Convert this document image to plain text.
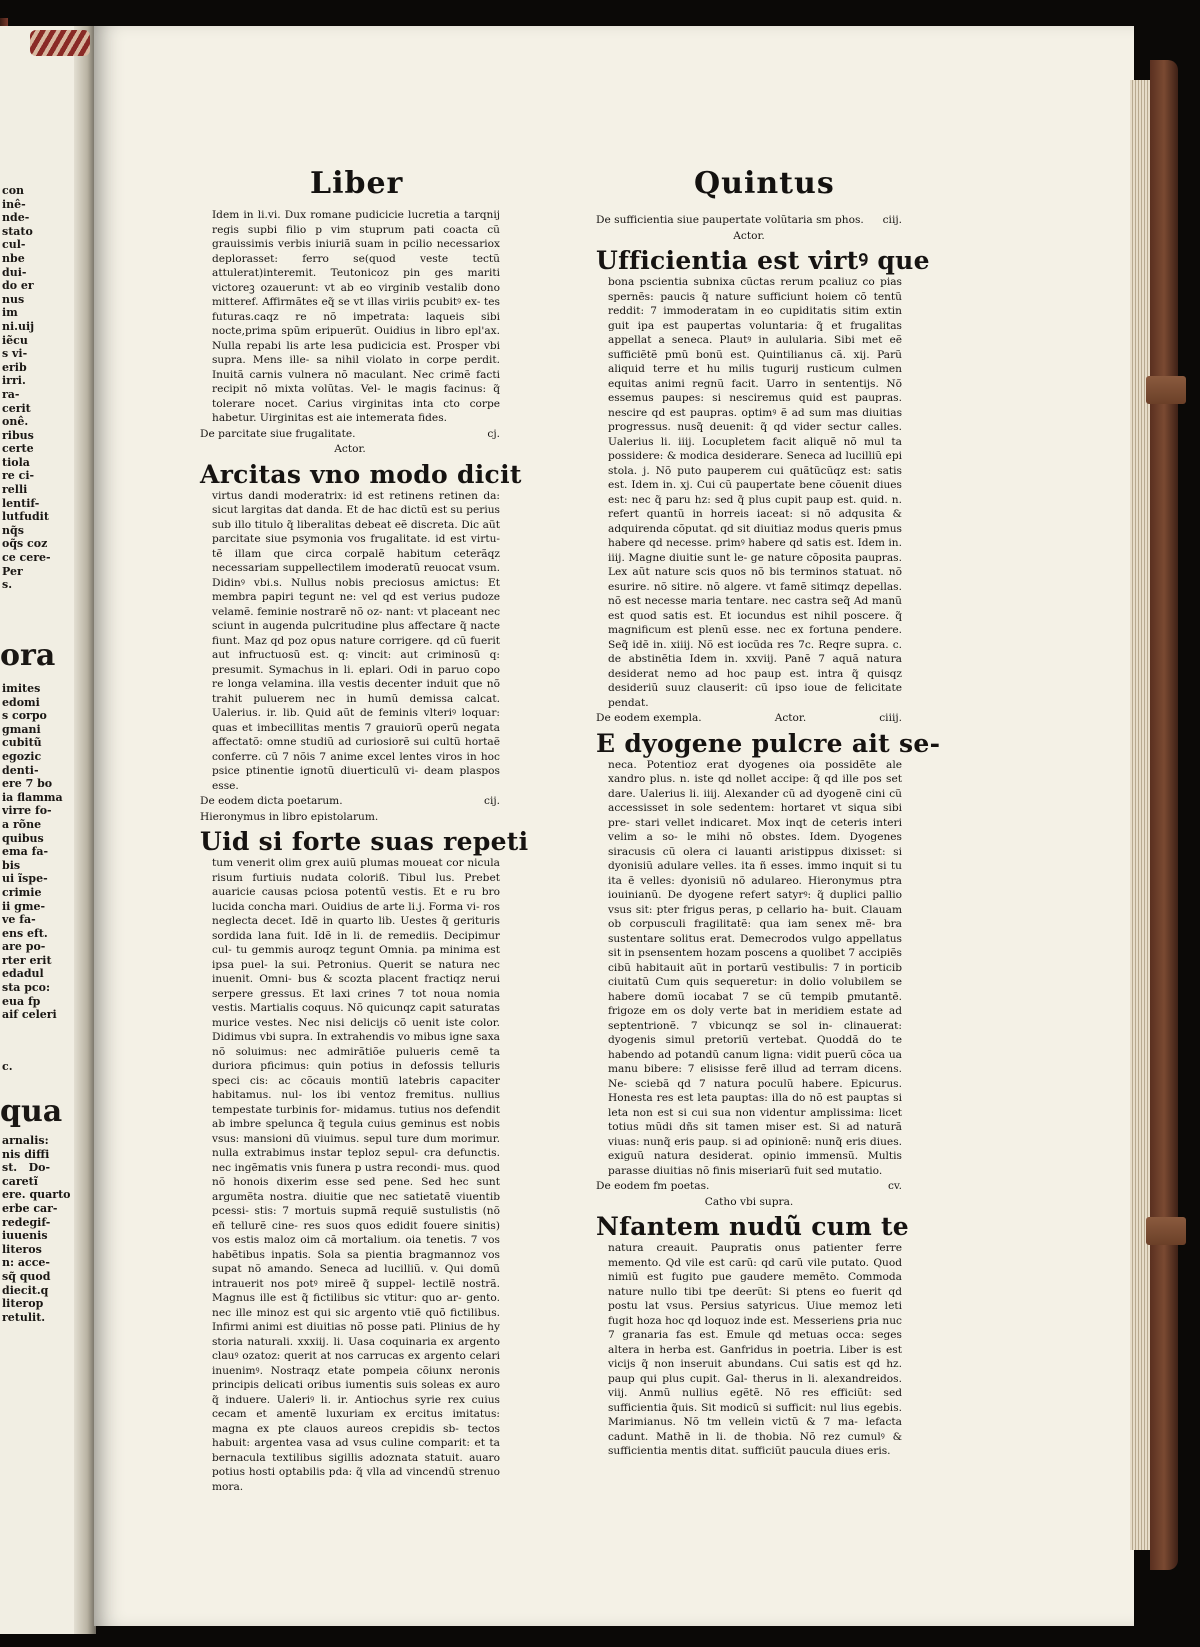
con
inê-
nde-
stato
cul-
nbe
dui-
do er
nus
im
ni.uij
iẽcu
s vi-
erib
irri.
ra-
cerit
onê.
ribus
certe
tiola
re ci-
relli
lentif-
lutfudit
nq̃s
oq̃s coz
ce cere-
Per
s.
ora
imites
edomi
s corpo
gmani
cubitũ
egozic
denti-
ere 7 bo
ia flamma
virre fo-
a rõne
quibus
ema fa-
bis
ui ĩspe-
crimie
ii gme-
ve fa-
ens eft.
are po-
rter erit
edadul
sta pco:
eua fp
aif celeri
c.
qua
arnalis:
nis diffi
st.   Do-
caretĩ
ere. quarto
erbe car-
redegif-
iuuenis
literos
n: acce-
sq̃ quod
diecit.q
literop
retulit.
Liber	Quintus

Idem in li.vi. Dux romane pudicicie lucretia a tarqnij regis supbi filio p vim stuprum pati coacta cũ grauissimis verbis iniuriã suam in pcilio necessariox deplorasset: ferro se(quod veste tectũ attulerat)interemit. Teutonicoz pin ges mariti victoreꝫ ozauerunt: vt ab eo virginib vestalib dono mitteref. Affirmãtes eq̃ se vt illas viriis pcubitꝰ ex- tes futuras.caqz re nõ impetrata: laqueis sibi nocte,prima spũm eripuerũt. Ouidius in libro epl'ax. Nulla repabi lis arte lesa pudicicia est. Prosper vbi supra. Mens ille- sa nihil violato in corpe perdit. Inuitã carnis vulnera nõ maculant. Nec crimẽ facti recipit nõ mixta volũtas. Vel- le magis facinus: q̃ tolerare nocet. Carius virginitas inta cto corpe habetur. Uirginitas est aie intemerata fides.

De parcitate siue frugalitate.	cj.

Actor.

Arcitas vno modo dicit

virtus dandi moderatrix: id est retinens retinen da: sicut largitas dat danda. Et de hac dictũ est su perius sub illo titulo q̃ liberalitas debeat eẽ discreta. Dic aũt parcitate siue psymonia vos frugalitate. id est virtu- tẽ illam que circa corpalẽ habitum ceterãqz necessariam suppellectilem imoderatũ reuocat vsum. Didinꝰ vbi.s. Nullus nobis preciosus amictus: Et membra papiri tegunt ne: vel qd est verius pudoze velamẽ. feminie nostrarẽ nõ oz- nant: vt placeant nec sciunt in augenda pulcritudine plus affectare q̃ nacte fiunt. Maz qd poz opus nature corrigere. qd cũ fuerit aut infructuosũ est. q: vincit: aut criminosũ q: presumit. Symachus in li. eplari. Odi in paruo copo re longa velamina. illa vestis decenter induit que nõ trahit puluerem nec in humũ demissa calcat. Ualerius. ir. lib. Quid aũt de feminis vlteriꝰ loquar: quas et imbecillitas mentis 7 grauiorũ operũ negata affectatõ: omne studiũ ad curiosiorẽ sui cultũ hortaẽ conferre. cũ 7 nõis 7 anime excel lentes viros in hoc psice ptinentie ignotũ diuerticulũ vi- deam plaspos esse.

De eodem dicta poetarum.	cij.

Hieronymus in libro epistolarum.

Uid si forte suas repeti

tum venerit olim grex auiũ plumas moueat cor nicula risum furtiuis nudata coloriß. Tibul lus. Prebet auaricie causas pciosa potentũ vestis. Et e ru bro lucida concha mari. Ouidius de arte li.j. Forma vi- ros neglecta decet. Idẽ in quarto lib. Uestes q̃ gerituris sordida lana fuit. Idẽ in li. de remediis. Decipimur cul- tu gemmis auroqz tegunt Omnia. pa minima est ipsa puel- la sui. Petronius. Querit se natura nec inuenit. Omni- bus & scozta placent fractiqz nerui serpere gressus. Et laxi crines 7 tot noua nomia vestis. Martialis coquus. Nõ quicunqz capit saturatas murice vestes. Nec nisi delicijs cõ uenit iste color. Didimus vbi supra. In extrahendis vo mibus igne saxa nõ soluimus: nec admirãtiõe pulueris cemẽ ta duriora pficimus: quin potius in defossis telluris speci cis: ac cõcauis montiũ latebris capaciter habitamus. nul- los ibi ventoz fremitus. nullius tempestate turbinis for- midamus. tutius nos defendit ab imbre spelunca q̃ tegula cuius geminus est nobis vsus: mansioni dũ viuimus. sepul ture dum morimur. nulla extrabimus instar teploz sepul- cra defunctis. nec ingẽmatis vnis funera p ustra recondi- mus. quod nõ honois dixerim esse sed pene. Sed hec sunt argumẽta nostra. diuitie que nec satietatẽ viuentib pcessi- stis: 7 mortuis supmã requiẽ sustulistis (nõ eñ tellurẽ cine- res suos quos edidit fouere sinitis) vos estis maloz oim cã mortalium. oia tenetis. 7 vos habẽtibus inpatis. Sola sa pientia bragmannoz vos supat nõ amando. Seneca ad lucilliũ. v. Qui domũ intrauerit nos potꝰ mireẽ q̃ suppel- lectilẽ nostrã. Magnus ille est q̃ fictilibus sic vtitur: quo ar- gento. nec ille minoz est qui sic argento vtiẽ quõ fictilibus. Infirmi animi est diuitias nõ posse pati. Plinius de hy storia naturali. xxxiij. li. Uasa coquinaria ex argento clauꝰ ozatoz: querit at nos carrucas ex argento celari inuenimꝰ. Nostraqz etate pompeia cõiunx neronis principis delicati oribus iumentis suis soleas ex auro q̃ induere. Ualeriꝰ li. ir. Antiochus syrie rex cuius cecam et amentẽ luxuriam ex ercitus imitatus: magna ex pte clauos aureos crepidis sb- tectos habuit: argentea vasa ad vsus culine comparit: et ta bernacula textilibus sigillis adoznata statuit. auaro potius hosti optabilis pda: q̃ vlla ad vincendũ strenuo mora.

De sufficientia siue paupertate volũtaria sm phos. ciij.

Actor.

Ufficientia est virtꝰ que

bona pscientia subnixa cũctas rerum pcaliuz co pias spernẽs: paucis q̃ nature sufficiunt hoiem cõ tentũ reddit: 7 immoderatam in eo cupiditatis sitim extin guit ipa est paupertas voluntaria: q̃ et frugalitas appellat a seneca. Plautꝰ in aulularia. Sibi met eẽ sufficiẽtẽ pmũ bonũ est. Quintilianus cã. xij. Parũ aliquid terre et hu milis tugurij rusticum culmen equitas animi regnũ facit. Uarro in sententijs. Nõ essemus paupes: si nesciremus quid est paupras. nescire qd est paupras. optimꝰ ẽ ad sum mas diuitias progressus. nusq̃ deuenit: q̃ qd vider sectur calles. Ualerius li. iiij. Locupletem facit aliquẽ nõ mul ta possidere: & modica desiderare. Seneca ad lucilliũ epi stola. j. Nõ puto pauperem cui quãtũcũqz est: satis est. Idem in. xj. Cui cũ paupertate bene cõuenit diues est: nec q̃ paru hz: sed q̃ plus cupit paup est. quid. n. refert quantũ in horreis iaceat: si nõ adqusita & adquirenda cõputat. qd sit diuitiaz modus queris pmus habere qd necesse. primꝰ habere qd satis est. Idem in. iiij. Magne diuitie sunt le- ge nature cõposita paupras. Lex aũt nature scis quos nõ bis terminos statuat. nõ esurire. nõ sitire. nõ algere. vt famẽ sitimqz depellas. nõ est necesse maria tentare. nec castra seq̃ Ad manũ est quod satis est. Et iocundus est nihil poscere. q̃ magnificum est plenũ esse. nec ex fortuna pendere. Seq̃ idẽ in. xiiij. Nõ est iocũda res 7c. Reqre supra. c. de abstinẽtia Idem in. xxviij. Panẽ 7 aquã natura desiderat nemo ad hoc paup est. intra q̃ quisqz desideriũ suuz clauserit: cũ ipso ioue de felicitate pendat.

De eodem exempla.	Actor.	ciiij.
E dyogene pulcre ait se-

neca. Potentioz erat dyogenes oia possidẽte ale xandro plus. n. iste qd nollet accipe: q̃ qd ille pos set dare. Ualerius li. iiij. Alexander cũ ad dyogenẽ cini cũ accessisset in sole sedentem: hortaret vt siqua sibi pre- stari vellet indicaret. Mox inqt de ceteris interi velim a so- le mihi nõ obstes. Idem. Dyogenes siracusis cũ olera ci lauanti aristippus dixisset: si dyonisiũ adulare velles. ita ñ esses. immo inquit si tu ita ẽ velles: dyonisiũ nõ adulareo. Hieronymus ptra iouinianũ. De dyogene refert satyrꝰ: q̃ duplici pallio vsus sit: pter frigus peras, p cellario ha- buit. Clauam ob corpusculi fragilitatẽ: qua iam senex mẽ- bra sustentare solitus erat. Demecrodos vulgo appellatus sit in psensentem hozam poscens a quolibet 7 accipiẽs cibũ habitauit aũt in portarũ vestibulis: 7 in porticib ciuitatũ Cum quis sequeretur: in dolio volubilem se habere domũ iocabat 7 se cũ tempib ꝑmutantẽ. frigoze em os doly verte bat in meridiem estate ad septentrionẽ. 7 vbicunqz se sol in- clinauerat: dyogenis simul pretoriũ vertebat. Quoddã do te habendo ad potandũ canum ligna: vidit puerũ cõca ua manu bibere: 7 elisisse ferẽ illud ad terram dicens. Ne- sciebã qd 7 natura poculũ habere. Epicurus. Honesta res est leta pauptas: illa do nõ est pauptas si leta non est si cui sua non videntur amplissima: licet totius mũdi dñs sit tamen miser est. Si ad naturã viuas: nunq̃ eris paup. si ad opinionẽ: nunq̃ eris diues. exiguũ natura desiderat. opinio immensũ. Multis parasse diuitias nõ finis miseriarũ fuit sed mutatio.

De eodem fm poetas.	cv.

Catho vbi supra.

Nfantem nudũ cum te

natura creauit. Paupratis onus patienter ferre memento. Qd vile est carũ: qd carũ vile putato. Quod nimiũ est fugito pue gaudere memẽto. Commoda nature nullo tibi tpe deerũt: Si ptens eo fuerit qd postu lat vsus. Persius satyricus. Uiue memoz leti fugit hoza hoc qd loquoz inde est. Messeriens ꝑria nuc 7 granaria fas est. Emule qd metuas occa: seges altera in herba est. Ganfridus in poetria. Liber is est vicijs q̃ non inseruit abundans. Cui satis est qd hz. paup qui plus cupit. Gal- therus in li. alexandreidos. viij. Anmũ nullius egẽtẽ. Nõ res efficiũt: sed sufficientia q̃uis. Sit modicũ si sufficit: nul lius egebis. Marimianus. Nõ tm vellein victũ & 7 ma- lefacta cadunt. Mathẽ in li. de thobia. Nõ rez cumulꝰ & sufficientia mentis ditat. sufficiũt paucula diues eris.
